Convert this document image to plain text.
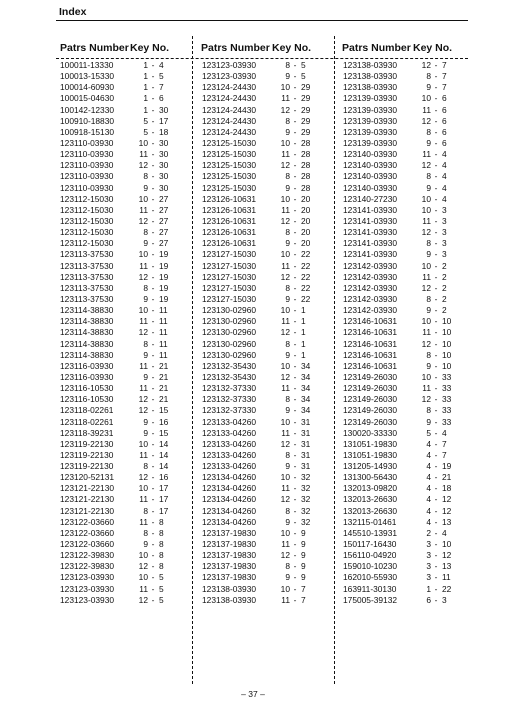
Index
Patrs Number Key No.	Patrs Number Key No.	Patrs Number Key No.
100011-13330	1 - 4
100013-15330	1 - 5
100014-60930	1 - 7
100015-04630	1 - 6
100142-12330	1 - 30
100910-18830	5 - 17
100918-15130	5 - 18
123110-03930	10 - 30
123110-03930	11 - 30
123110-03930	12 - 30
123110-03930	8 - 30
123110-03930	9 - 30
123112-15030	10 - 27
123112-15030	11 - 27
123112-15030	12 - 27
123112-15030	8 - 27
123112-15030	9 - 27
123113-37530	10 - 19
123113-37530	11 - 19
123113-37530	12 - 19
123113-37530	8 - 19
123113-37530	9 - 19
123114-38830	10 - 11
123114-38830	11 - 11
123114-38830	12 - 11
123114-38830	8 - 11
123114-38830	9 - 11
123116-03930	11 - 21
123116-03930	9 - 21
123116-10530	11 - 21
123116-10530	12 - 21
123118-02261	12 - 15
123118-02261	9 - 16
123118-39231	9 - 15
123119-22130	10 - 14
123119-22130	11 - 14
123119-22130	8 - 14
123120-52131	12 - 16
123121-22130	10 - 17
123121-22130	11 - 17
123121-22130	8 - 17
123122-03660	11 - 8
123122-03660	8 - 8
123122-03660	9 - 8
123122-39830	10 - 8
123122-39830	12 - 8
123123-03930	10 - 5
123123-03930	11 - 5
123123-03930	12 - 5
123123-03930	8 - 5
123123-03930	9 - 5
123124-24430	10 - 29
123124-24430	11 - 29
123124-24430	12 - 29
123124-24430	8 - 29
123124-24430	9 - 29
123125-15030	10 - 28
123125-15030	11 - 28
123125-15030	12 - 28
123125-15030	8 - 28
123125-15030	9 - 28
123126-10631	10 - 20
123126-10631	11 - 20
123126-10631	12 - 20
123126-10631	8 - 20
123126-10631	9 - 20
123127-15030	10 - 22
123127-15030	11 - 22
123127-15030	12 - 22
123127-15030	8 - 22
123127-15030	9 - 22
123130-02960	10 - 1
123130-02960	11 - 1
123130-02960	12 - 1
123130-02960	8 - 1
123130-02960	9 - 1
123132-35430	10 - 34
123132-35430	12 - 34
123132-37330	11 - 34
123132-37330	8 - 34
123132-37330	9 - 34
123133-04260	10 - 31
123133-04260	11 - 31
123133-04260	12 - 31
123133-04260	8 - 31
123133-04260	9 - 31
123134-04260	10 - 32
123134-04260	11 - 32
123134-04260	12 - 32
123134-04260	8 - 32
123134-04260	9 - 32
123137-19830	10 - 9
123137-19830	11 - 9
123137-19830	12 - 9
123137-19830	8 - 9
123137-19830	9 - 9
123138-03930	10 - 7
123138-03930	11 - 7
123138-03930	12 - 7
123138-03930	8 - 7
123138-03930	9 - 7
123139-03930	10 - 6
123139-03930	11 - 6
123139-03930	12 - 6
123139-03930	8 - 6
123139-03930	9 - 6
123140-03930	11 - 4
123140-03930	12 - 4
123140-03930	8 - 4
123140-03930	9 - 4
123140-27230	10 - 4
123141-03930	10 - 3
123141-03930	11 - 3
123141-03930	12 - 3
123141-03930	8 - 3
123141-03930	9 - 3
123142-03930	10 - 2
123142-03930	11 - 2
123142-03930	12 - 2
123142-03930	8 - 2
123142-03930	9 - 2
123146-10631	10 - 10
123146-10631	11 - 10
123146-10631	12 - 10
123146-10631	8 - 10
123146-10631	9 - 10
123149-26030	10 - 33
123149-26030	11 - 33
123149-26030	12 - 33
123149-26030	8 - 33
123149-26030	9 - 33
130020-33330	5 - 4
131051-19830	4 - 7
131051-19830	4 - 7
131205-14930	4 - 19
131300-56430	4 - 21
132013-09820	4 - 18
132013-26630	4 - 12
132013-26630	4 - 12
132115-01461	4 - 13
145510-13931	2 - 4
150117-16430	3 - 10
156110-04920	3 - 12
159010-10230	3 - 13
162010-55930	3 - 11
163911-30130	1 - 22
175005-39132	6 - 3
– 37 –
